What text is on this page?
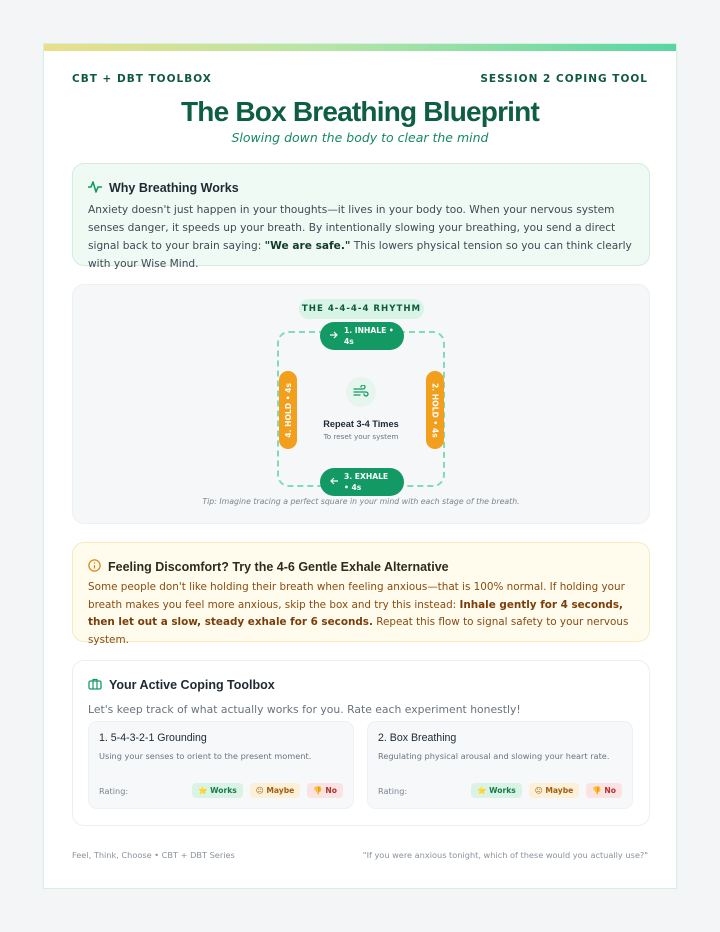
CBT + DBT TOOLBOX	SESSION 2 COPING TOOL
The Box Breathing Blueprint
Slowing down the body to clear the mind
Why Breathing Works

Anxiety doesn't just happen in your thoughts—it lives in your body too. When your nervous system senses danger, it speeds up your breath. By intentionally slowing your breathing, you send a direct signal back to your brain saying: "We are safe." This lowers physical tension so you can think clearly with your Wise Mind.

THE 4-4-4-4 RHYTHM
1. INHALE • 4s
2. HOLD • 4s
3. EXHALE • 4s
4. HOLD • 4s	Repeat 3-4 Times
To reset your system
Tip: Imagine tracing a perfect square in your mind with each stage of the breath.
Feeling Discomfort? Try the 4-6 Gentle Exhale Alternative

Some people don't like holding their breath when feeling anxious—that is 100% normal. If holding your breath makes you feel more anxious, skip the box and try this instead: Inhale gently for 4 seconds, then let out a slow, steady exhale for 6 seconds. Repeat this flow to signal safety to your nervous system.

Your Active Coping Toolbox
Let's keep track of what actually works for you. Rate each experiment honestly!
1. 5-4-3-2-1 Grounding
Using your senses to orient to the present moment.
Rating:	⭐ Works	😐 Maybe	👎 No
2. Box Breathing
Regulating physical arousal and slowing your heart rate.
Rating:	⭐ Works	😐 Maybe	👎 No
Feel, Think, Choose • CBT + DBT Series	"If you were anxious tonight, which of these would you actually use?"
